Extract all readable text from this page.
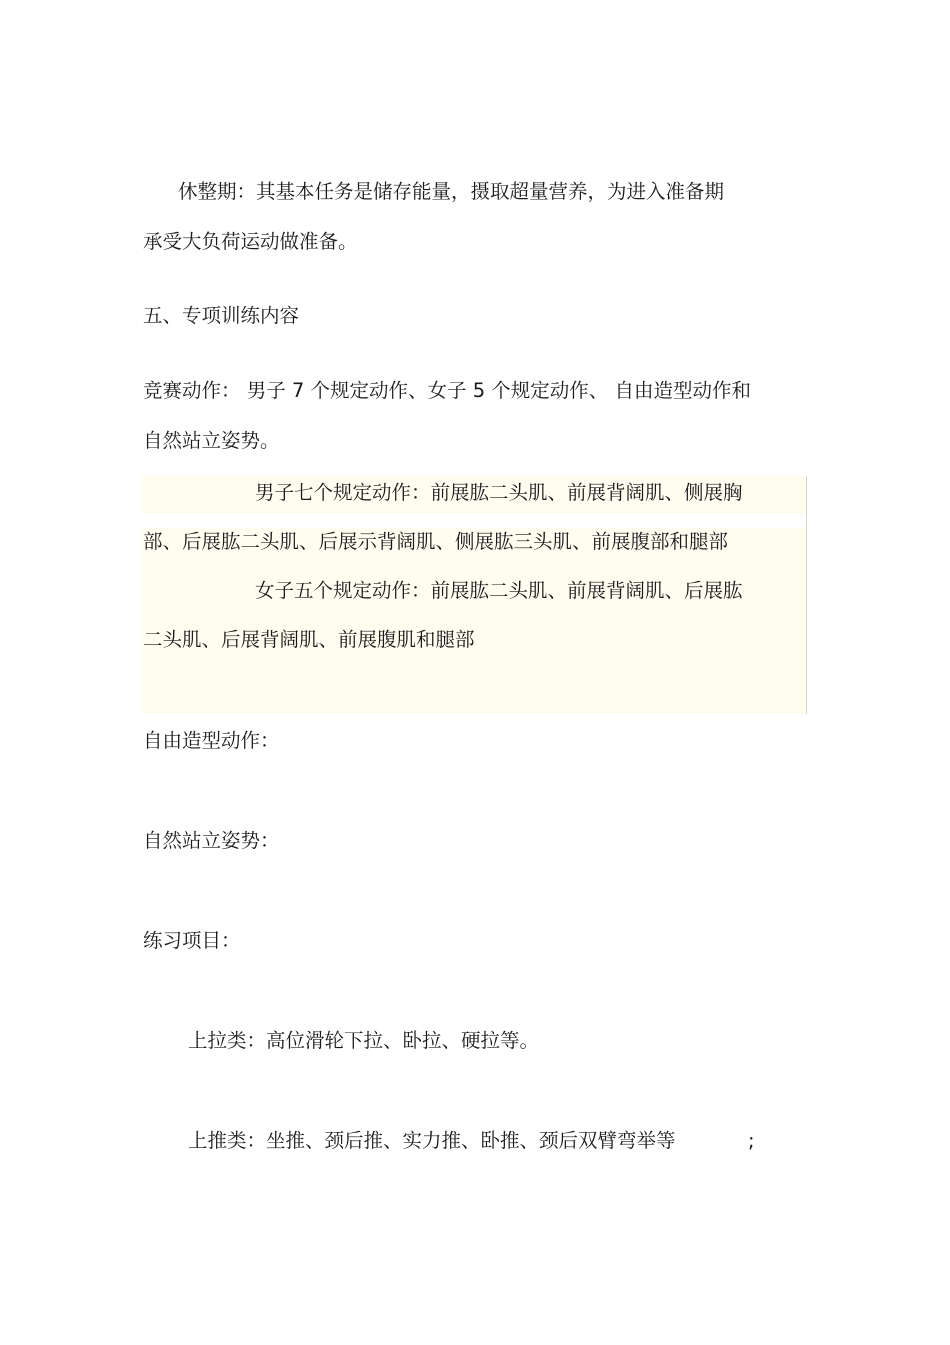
休整期：其基本任务是储存能量，摄取超量营养，为进入准备期
承受大负荷运动做准备。
五、专项训练内容
竞赛动作： 男子 7 个规定动作、女子 5 个规定动作、 自由造型动作和
自然站立姿势。
男子七个规定动作：前展肱二头肌、前展背阔肌、侧展胸
部、后展肱二头肌、后展示背阔肌、侧展肱三头肌、前展腹部和腿部
女子五个规定动作：前展肱二头肌、前展背阔肌、后展肱
二头肌、后展背阔肌、前展腹肌和腿部
自由造型动作：
自然站立姿势：
练习项目：
上拉类：高位滑轮下拉、卧拉、硬拉等。
上推类：坐推、颈后推、实力推、卧推、颈后双臂弯举等	;
